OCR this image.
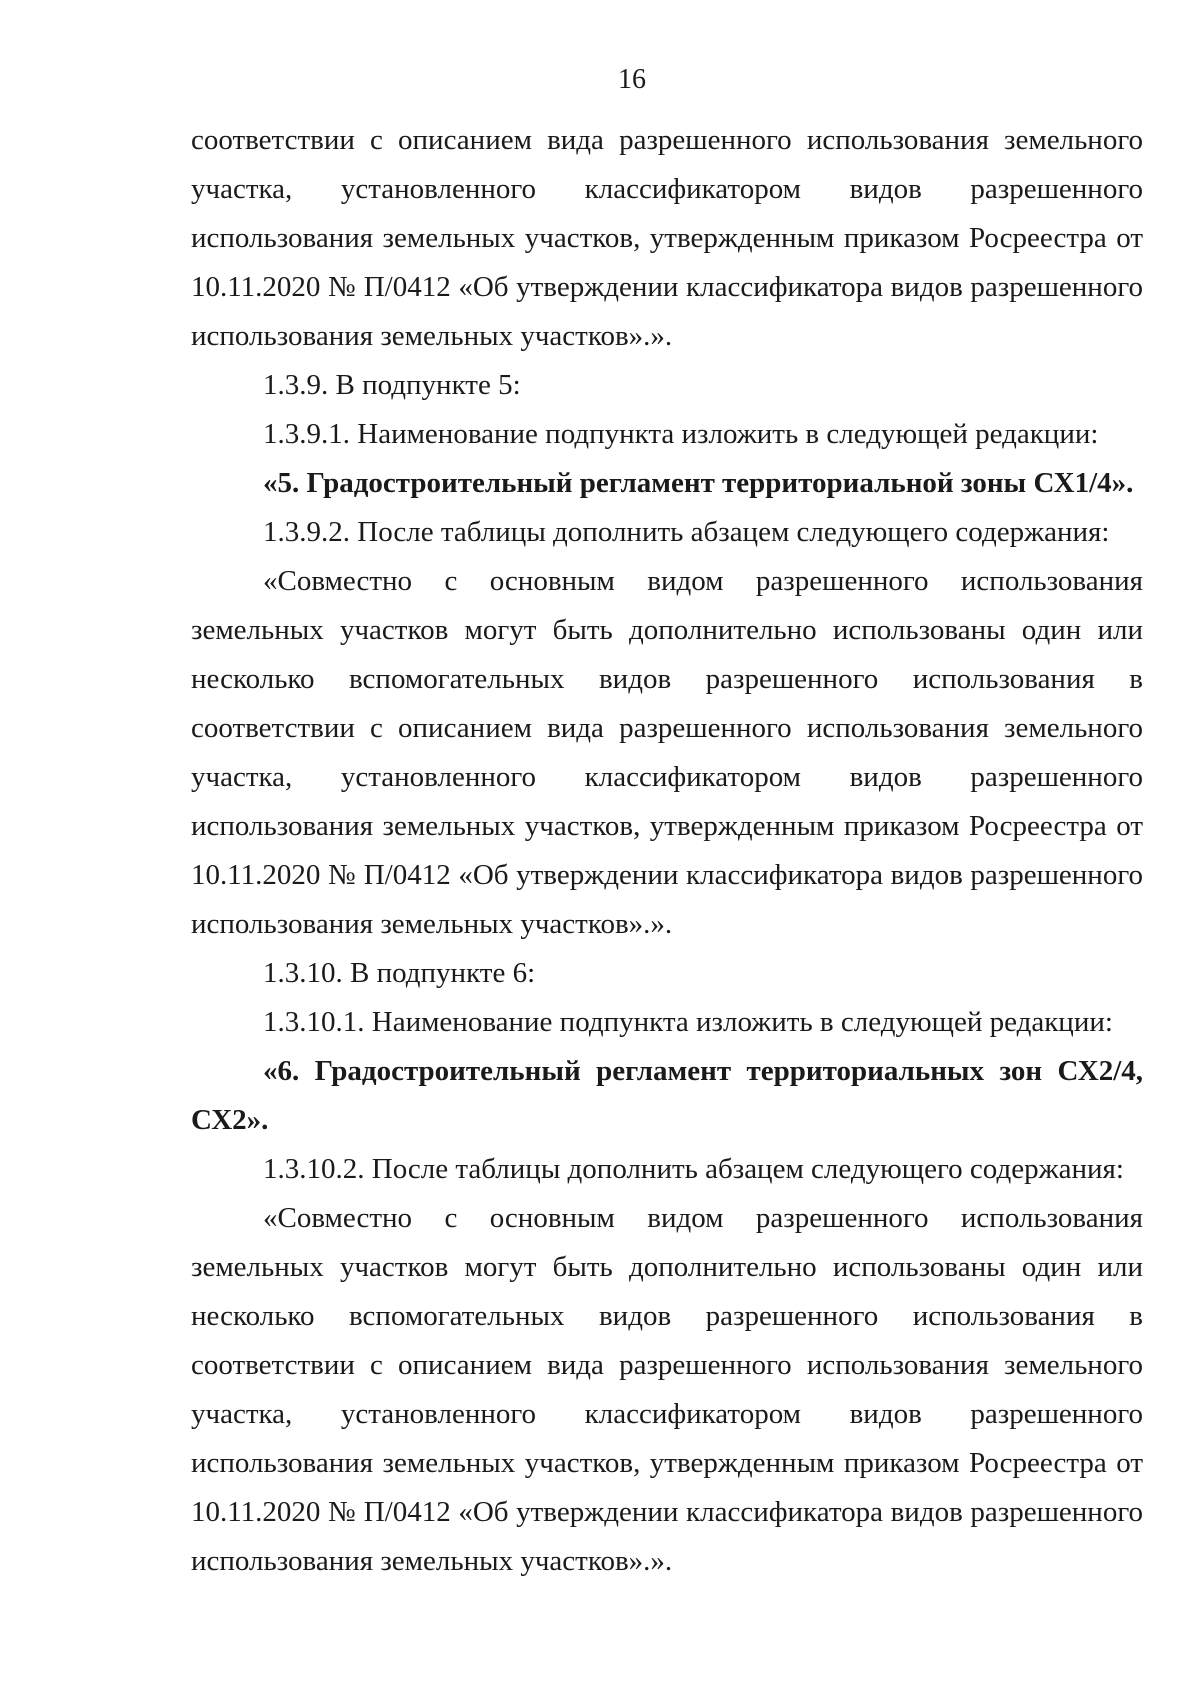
16

соответствии с описанием вида разрешенного использования земельного
участка, установленного классификатором видов разрешенного
использования земельных участков, утвержденным приказом Росреестра от
10.11.2020 № П/0412 «Об утверждении классификатора видов разрешенного
использования земельных участков».».

1.3.9. В подпункте 5:

1.3.9.1. Наименование подпункта изложить в следующей редакции:

«5. Градостроительный регламент территориальной зоны СХ1/4».

1.3.9.2. После таблицы дополнить абзацем следующего содержания:

«Совместно с основным видом разрешенного использования
земельных участков могут быть дополнительно использованы один или
несколько вспомогательных видов разрешенного использования в
соответствии с описанием вида разрешенного использования земельного
участка, установленного классификатором видов разрешенного
использования земельных участков, утвержденным приказом Росреестра от
10.11.2020 № П/0412 «Об утверждении классификатора видов разрешенного
использования земельных участков».».

1.3.10. В подпункте 6:

1.3.10.1. Наименование подпункта изложить в следующей редакции:

«6. Градостроительный регламент территориальных зон СХ2/4,
СХ2».

1.3.10.2. После таблицы дополнить абзацем следующего содержания:

«Совместно с основным видом разрешенного использования
земельных участков могут быть дополнительно использованы один или
несколько вспомогательных видов разрешенного использования в
соответствии с описанием вида разрешенного использования земельного
участка, установленного классификатором видов разрешенного
использования земельных участков, утвержденным приказом Росреестра от
10.11.2020 № П/0412 «Об утверждении классификатора видов разрешенного
использования земельных участков».».
